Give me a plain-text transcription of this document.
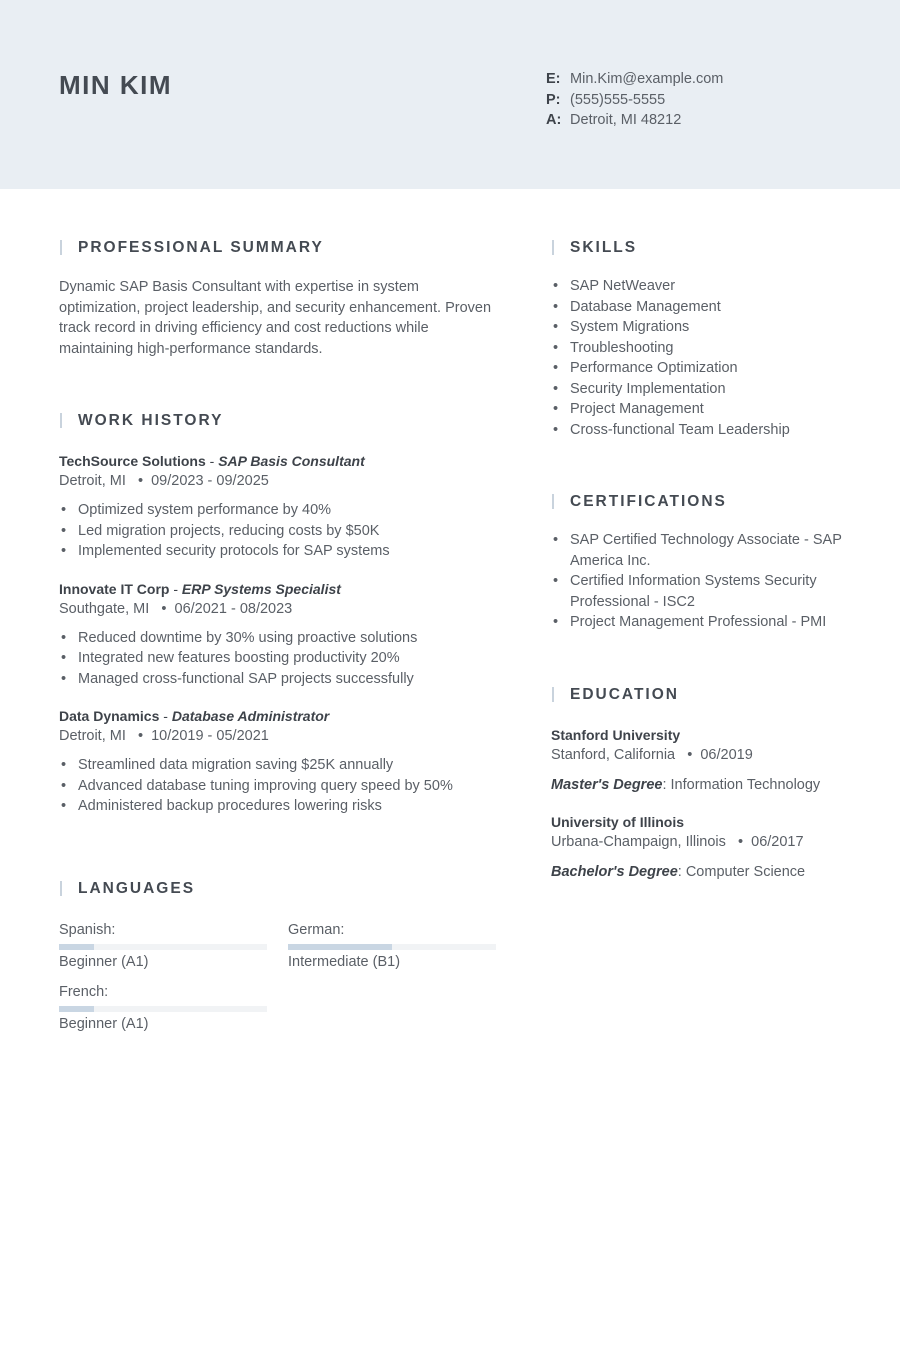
MIN KIM	E: Min.Kim@example.com
P: (555)555-5555
A: Detroit, MI 48212
PROFESSIONAL SUMMARY

Dynamic SAP Basis Consultant with expertise in system optimization, project leadership, and security enhancement. Proven track record in driving efficiency and cost reductions while maintaining high-performance standards.

WORK HISTORY
TechSource Solutions - SAP Basis Consultant
Detroit, MI   •  09/2023 - 09/2025
• Optimized system performance by 40%
• Led migration projects, reducing costs by $50K
• Implemented security protocols for SAP systems
Innovate IT Corp - ERP Systems Specialist
Southgate, MI   •  06/2021 - 08/2023
• Reduced downtime by 30% using proactive solutions
• Integrated new features boosting productivity 20%
• Managed cross-functional SAP projects successfully
Data Dynamics - Database Administrator
Detroit, MI   •  10/2019 - 05/2021
• Streamlined data migration saving $25K annually
• Advanced database tuning improving query speed by 50%
• Administered backup procedures lowering risks
LANGUAGES
Spanish:
Beginner (A1)
German:
Intermediate (B1)
French:
Beginner (A1)
SKILLS
• SAP NetWeaver
• Database Management
• System Migrations
• Troubleshooting
• Performance Optimization
• Security Implementation
• Project Management
• Cross-functional Team Leadership
CERTIFICATIONS
• SAP Certified Technology Associate - SAP America Inc.
• Certified Information Systems Security Professional - ISC2
• Project Management Professional - PMI
EDUCATION
Stanford University
Stanford, California   •  06/2019
Master's Degree: Information Technology
University of Illinois
Urbana-Champaign, Illinois   •  06/2017
Bachelor's Degree: Computer Science
